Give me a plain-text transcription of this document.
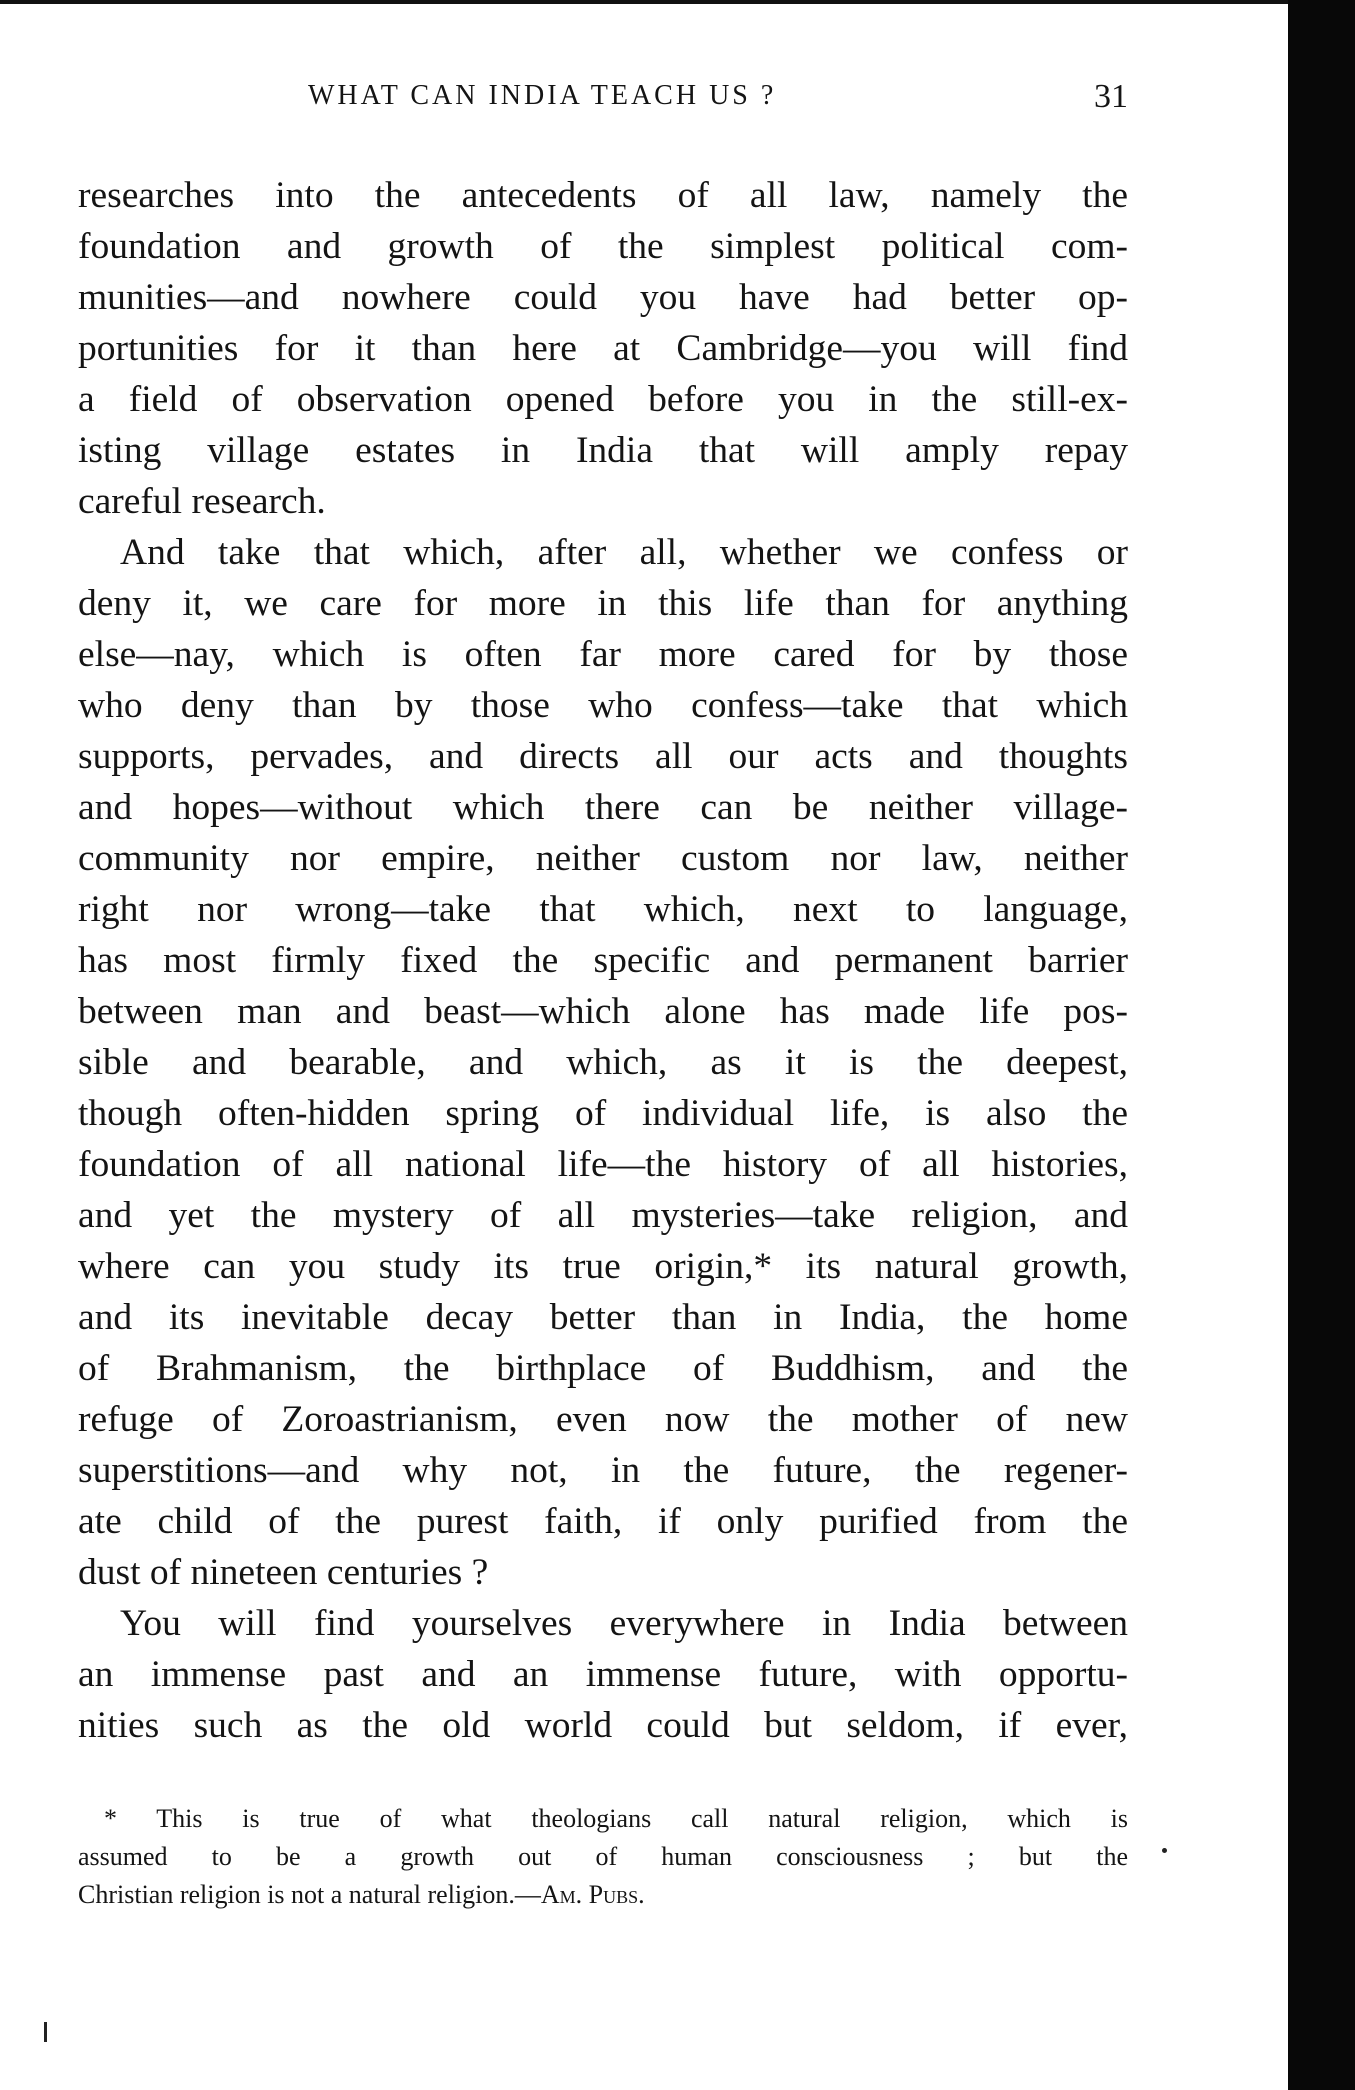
WHAT CAN INDIA TEACH US ?	31
researches into the antecedents of all law, namely the
foundation and growth of the simplest political com-
munities—and nowhere could you have had better op-
portunities for it than here at Cambridge—you will find
a field of observation opened before you in the still-ex-
isting village estates in India that will amply repay
careful research.
And take that which, after all, whether we confess or
deny it, we care for more in this life than for anything
else—nay, which is often far more cared for by those
who deny than by those who confess—take that which
supports, pervades, and directs all our acts and thoughts
and hopes—without which there can be neither village-
community nor empire, neither custom nor law, neither
right nor wrong—take that which, next to language,
has most firmly fixed the specific and permanent barrier
between man and beast—which alone has made life pos-
sible and bearable, and which, as it is the deepest,
though often-hidden spring of individual life, is also the
foundation of all national life—the history of all histories,
and yet the mystery of all mysteries—take religion, and
where can you study its true origin,* its natural growth,
and its inevitable decay better than in India, the home
of Brahmanism, the birthplace of Buddhism, and the
refuge of Zoroastrianism, even now the mother of new
superstitions—and why not, in the future, the regener-
ate child of the purest faith, if only purified from the
dust of nineteen centuries ?
You will find yourselves everywhere in India between
an immense past and an immense future, with opportu-
nities such as the old world could but seldom, if ever,
* This is true of what theologians call natural religion, which is
assumed to be a growth out of human consciousness ; but the
Christian religion is not a natural religion.—Am. Pubs.
